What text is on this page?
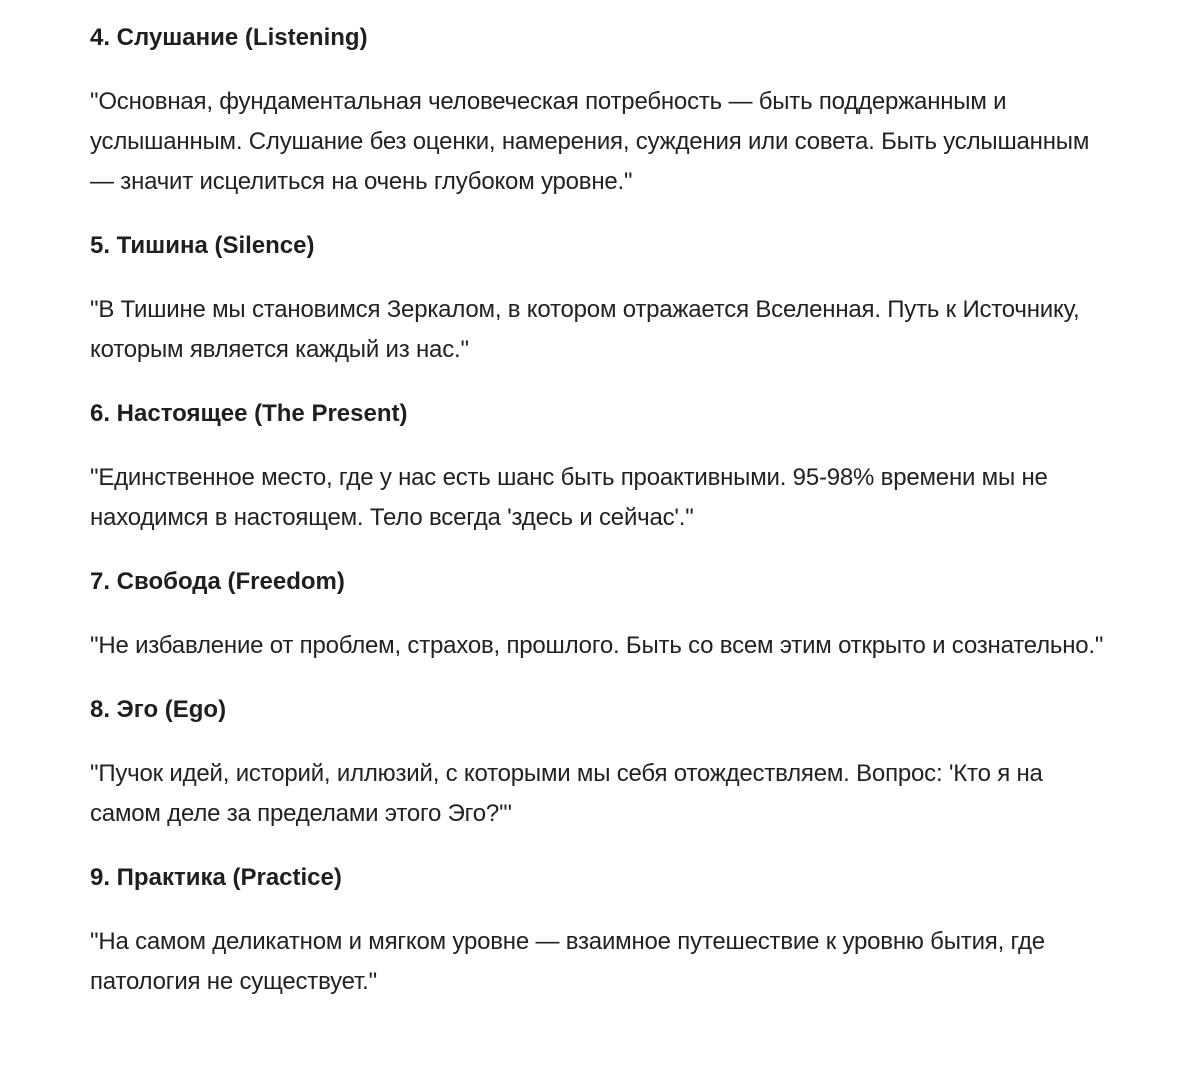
4. Слушание (Listening)

"Основная, фундаментальная человеческая потребность — быть поддержанным и услышанным. Слушание без оценки, намерения, суждения или совета. Быть услышанным — значит исцелиться на очень глубоком уровне."

5. Тишина (Silence)

"В Тишине мы становимся Зеркалом, в котором отражается Вселенная. Путь к Источнику, которым является каждый из нас."

6. Настоящее (The Present)

"Единственное место, где у нас есть шанс быть проактивными. 95-98% времени мы не находимся в настоящем. Тело всегда 'здесь и сейчас'."

7. Свобода (Freedom)

"Не избавление от проблем, страхов, прошлого. Быть со всем этим открыто и сознательно."

8. Эго (Ego)

"Пучок идей, историй, иллюзий, с которыми мы себя отождествляем. Вопрос: 'Кто я на самом деле за пределами этого Эго?'"

9. Практика (Practice)

"На самом деликатном и мягком уровне — взаимное путешествие к уровню бытия, где патология не существует."
